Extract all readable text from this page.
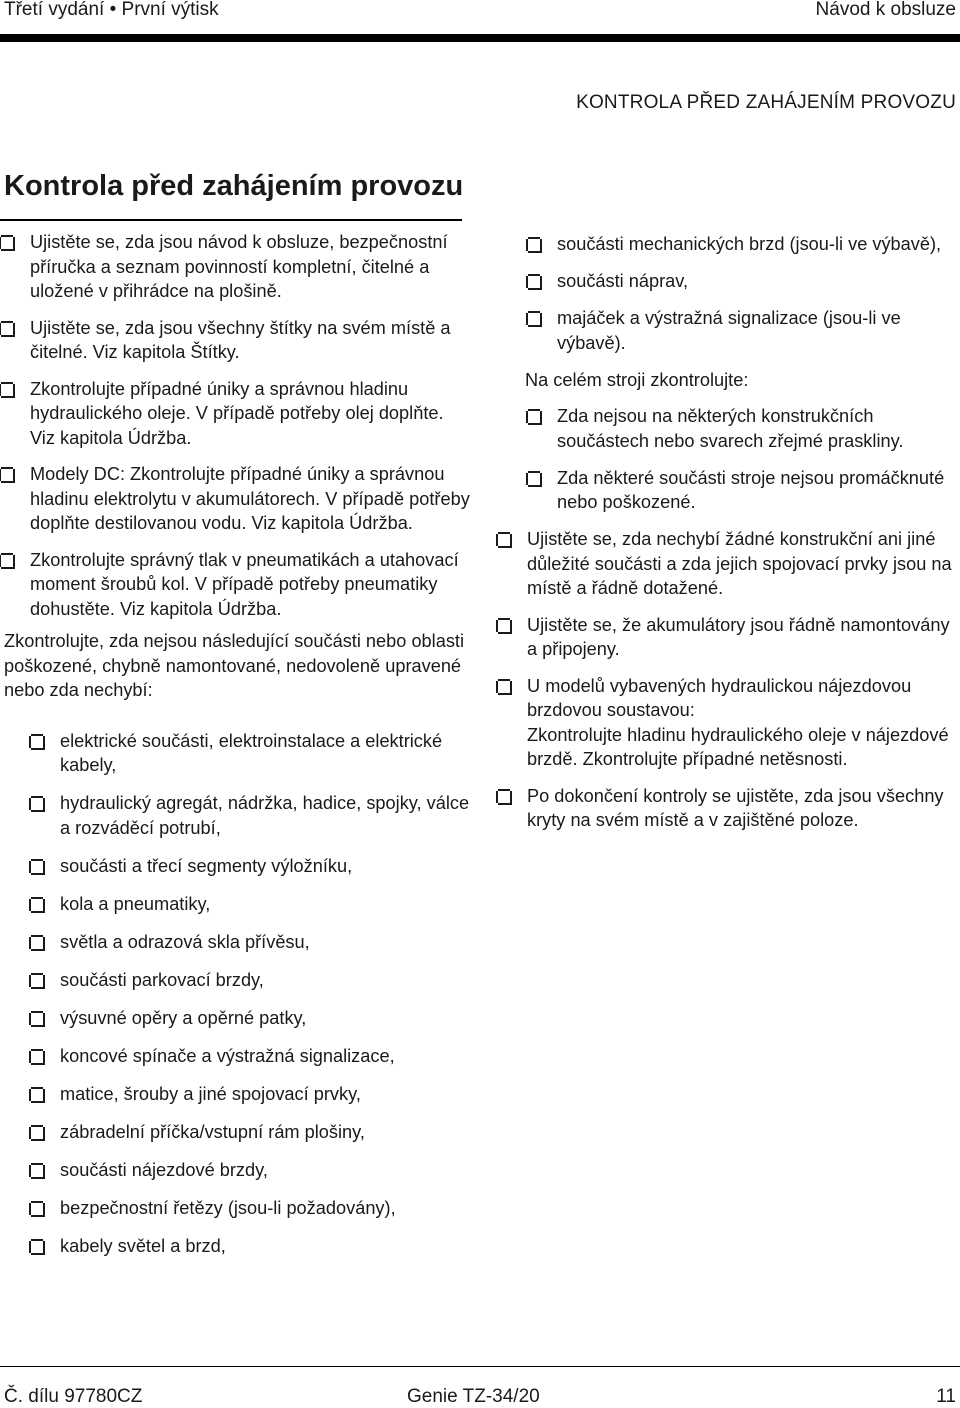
Třetí vydání • První výtisk	Návod k obsluze
KONTROLA PŘED ZAHÁJENÍM PROVOZU
Kontrola před zahájením provozu
Ujistěte se, zda jsou návod k obsluze, bezpečnostní příručka a seznam povinností kompletní, čitelné a uložené v přihrádce na plošině.
Ujistěte se, zda jsou všechny štítky na svém místě a čitelné. Viz kapitola Štítky.
Zkontrolujte případné úniky a správnou hladinu hydraulického oleje. V případě potřeby olej doplňte. Viz kapitola Údržba.
Modely DC: Zkontrolujte případné úniky a správnou hladinu elektrolytu v akumulátorech. V případě potřeby doplňte destilovanou vodu. Viz kapitola Údržba.
Zkontrolujte správný tlak v pneumatikách a utahovací moment šroubů kol. V případě potřeby pneumatiky dohustěte. Viz kapitola Údržba.

Zkontrolujte, zda nejsou následující součásti nebo oblasti poškozené, chybně namontované, nedovoleně upravené nebo zda nechybí:

elektrické součásti, elektroinstalace a elektrické kabely,
hydraulický agregát, nádržka, hadice, spojky, válce a rozváděcí potrubí,
součásti a třecí segmenty výložníku,
kola a pneumatiky,
světla a odrazová skla přívěsu,
součásti parkovací brzdy,
výsuvné opěry a opěrné patky,
koncové spínače a výstražná signalizace,
matice, šrouby a jiné spojovací prvky,
zábradelní příčka/vstupní rám plošiny,
součásti nájezdové brzdy,
bezpečnostní řetězy (jsou-li požadovány),
kabely světel a brzd,
součásti mechanických brzd (jsou-li ve výbavě),
součásti náprav,
majáček a výstražná signalizace (jsou-li ve výbavě).

Na celém stroji zkontrolujte:

Zda nejsou na některých konstrukčních součástech nebo svarech zřejmé praskliny.
Zda některé součásti stroje nejsou promáčknuté nebo poškozené.
Ujistěte se, zda nechybí žádné konstrukční ani jiné důležité součásti a zda jejich spojovací prvky jsou na místě a řádně dotažené.
Ujistěte se, že akumulátory jsou řádně namontovány a připojeny.
U modelů vybavených hydraulickou nájezdovou brzdovou soustavou:
Zkontrolujte hladinu hydraulického oleje v nájezdové brzdě. Zkontrolujte případné netěsnosti.
Po dokončení kontroly se ujistěte, zda jsou všechny kryty na svém místě a v zajištěné poloze.
Č. dílu 97780CZ	Genie TZ-34/20	11
